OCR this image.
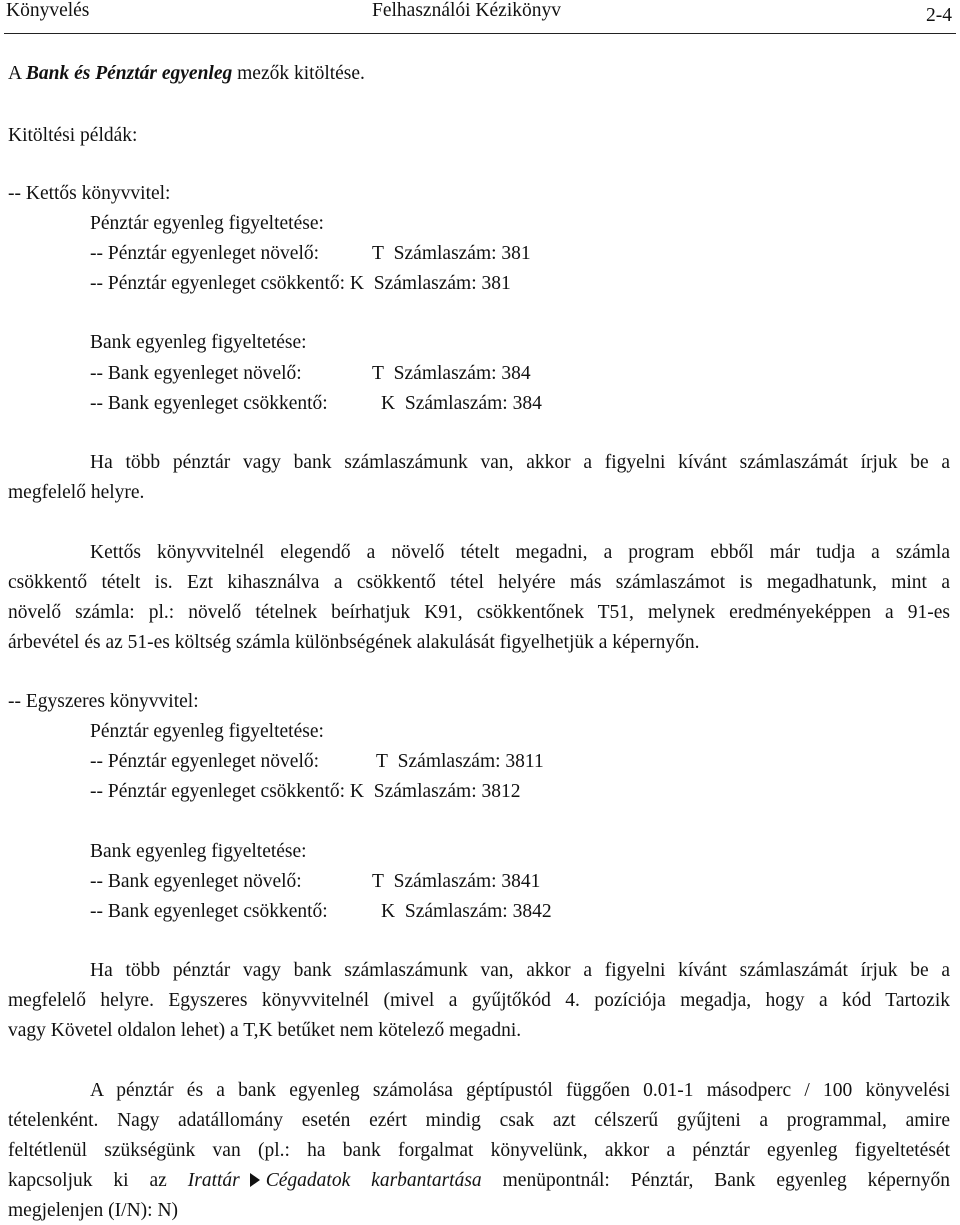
Könyvelés	Felhasználói Kézikönyv	2-4
A Bank és Pénztár egyenleg mezők kitöltése.
Kitöltési példák:
-- Kettős könyvvitel:
Pénztár egyenleg figyeltetése:
-- Pénztár egyenleget növelő:	T Számlaszám: 381
-- Pénztár egyenleget csökkentő: K Számlaszám: 381
Bank egyenleg figyeltetése:
-- Bank egyenleget növelő:	T Számlaszám: 384
-- Bank egyenleget csökkentő:	K Számlaszám: 384
Ha több pénztár vagy bank számlaszámunk van, akkor a figyelni kívánt számlaszámát írjuk be a
megfelelő helyre.
Kettős könyvvitelnél elegendő a növelő tételt megadni, a program ebből már tudja a számla
csökkentő tételt is. Ezt kihasználva a csökkentő tétel helyére más számlaszámot is megadhatunk, mint a
növelő számla: pl.: növelő tételnek beírhatjuk K91, csökkentőnek T51, melynek eredményeképpen a 91-es
árbevétel és az 51-es költség számla különbségének alakulását figyelhetjük a képernyőn.
-- Egyszeres könyvvitel:
Pénztár egyenleg figyeltetése:
-- Pénztár egyenleget növelő:	T Számlaszám: 3811
-- Pénztár egyenleget csökkentő: K Számlaszám: 3812
Bank egyenleg figyeltetése:
-- Bank egyenleget növelő:	T Számlaszám: 3841
-- Bank egyenleget csökkentő:	K Számlaszám: 3842
Ha több pénztár vagy bank számlaszámunk van, akkor a figyelni kívánt számlaszámát írjuk be a
megfelelő helyre. Egyszeres könyvvitelnél (mivel a gyűjtőkód 4. pozíciója megadja, hogy a kód Tartozik
vagy Követel oldalon lehet) a T,K betűket nem kötelező megadni.
A pénztár és a bank egyenleg számolása géptípustól függően 0.01-1 másodperc / 100 könyvelési
tételenként. Nagy adatállomány esetén ezért mindig csak azt célszerű gyűjteni a programmal, amire
feltétlenül szükségünk van (pl.: ha bank forgalmat könyvelünk, akkor a pénztár egyenleg figyeltetését
kapcsoljuk ki az Irattár Cégadatok karbantartása menüpontnál: Pénztár, Bank egyenleg képernyőn
megjelenjen (I/N): N)
